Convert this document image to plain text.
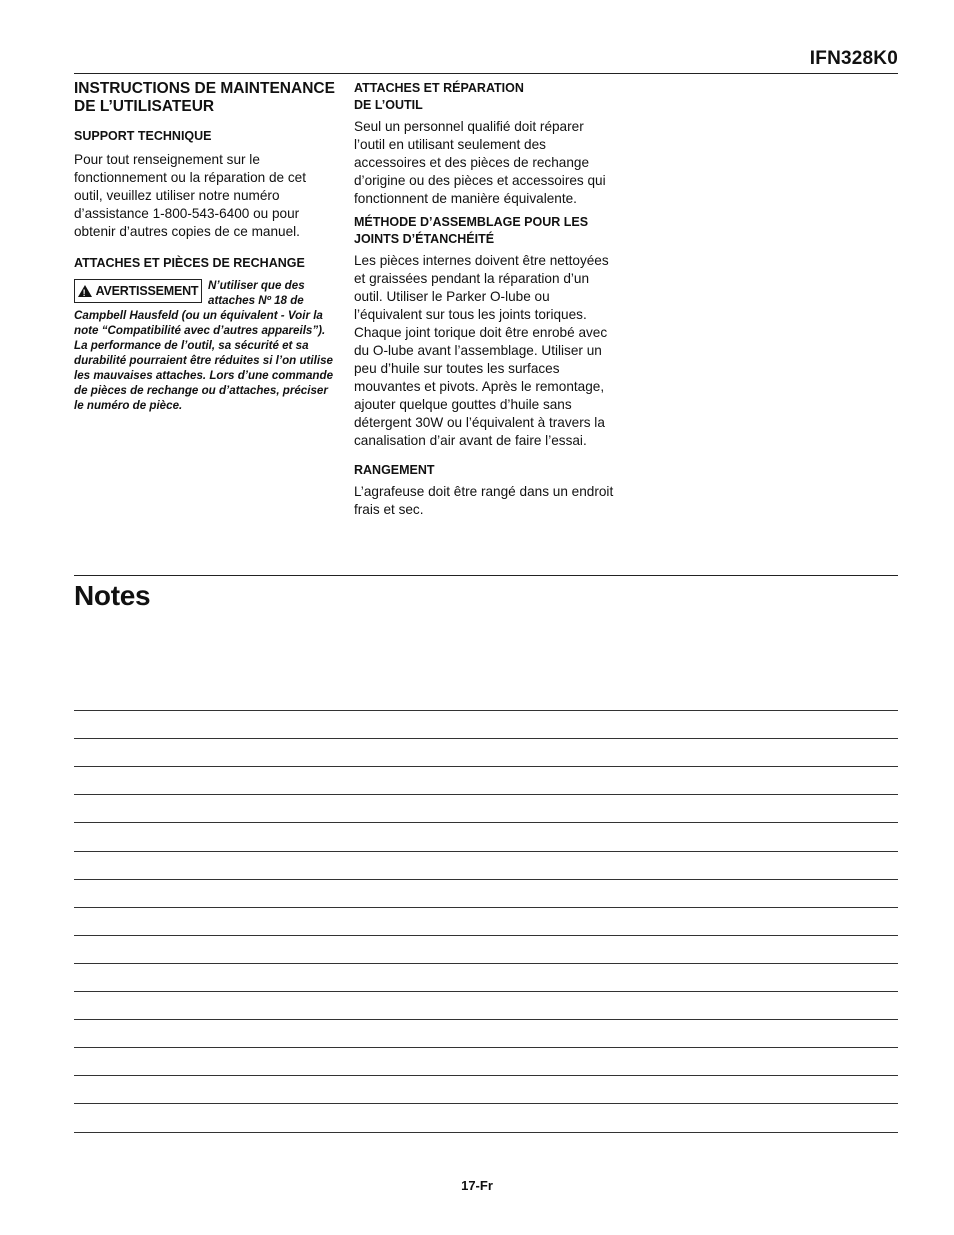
IFN328K0
INSTRUCTIONS DE MAINTENANCE DE L’UTILISATEUR
SUPPORT TECHNIQUE

Pour tout renseignement sur le fonctionnement ou la réparation de cet outil, veuillez utiliser notre numéro d’assistance 1-800-543-6400 ou pour obtenir d’autres copies de ce manuel.

ATTACHES ET PIÈCES DE RECHANGE
!
AVERTISSEMENT N’utiliser que des attaches Nº 18 de Campbell Hausfeld (ou un équivalent - Voir la note “Compatibilité avec d’autres appareils”). La performance de l’outil, sa sécurité et sa durabilité pourraient être réduites si l’on utilise les mauvaises attaches. Lors d’une commande de pièces de rechange ou d’attaches, préciser le numéro de pièce.
ATTACHES ET RÉPARATION
DE L’OUTIL

Seul un personnel qualifié doit réparer l’outil en utilisant seulement des accessoires et des pièces de rechange d’origine ou des pièces et accessoires qui fonctionnent de manière équivalente.

MÉTHODE D’ASSEMBLAGE POUR LES JOINTS D’ÉTANCHÉITÉ

Les pièces internes doivent être nettoyées et graissées pendant la réparation d’un outil. Utiliser le Parker O-lube ou l’équivalent sur tous les joints toriques. Chaque joint torique doit être enrobé avec du O-lube avant l’assemblage. Utiliser un peu d’huile sur toutes les surfaces mouvantes et pivots. Après le remontage, ajouter quelque gouttes d’huile sans détergent 30W ou l’équivalent à travers la canalisation d’air avant de faire l’essai.

RANGEMENT

L’agrafeuse doit être rangé dans un endroit frais et sec.

Notes
17-Fr
